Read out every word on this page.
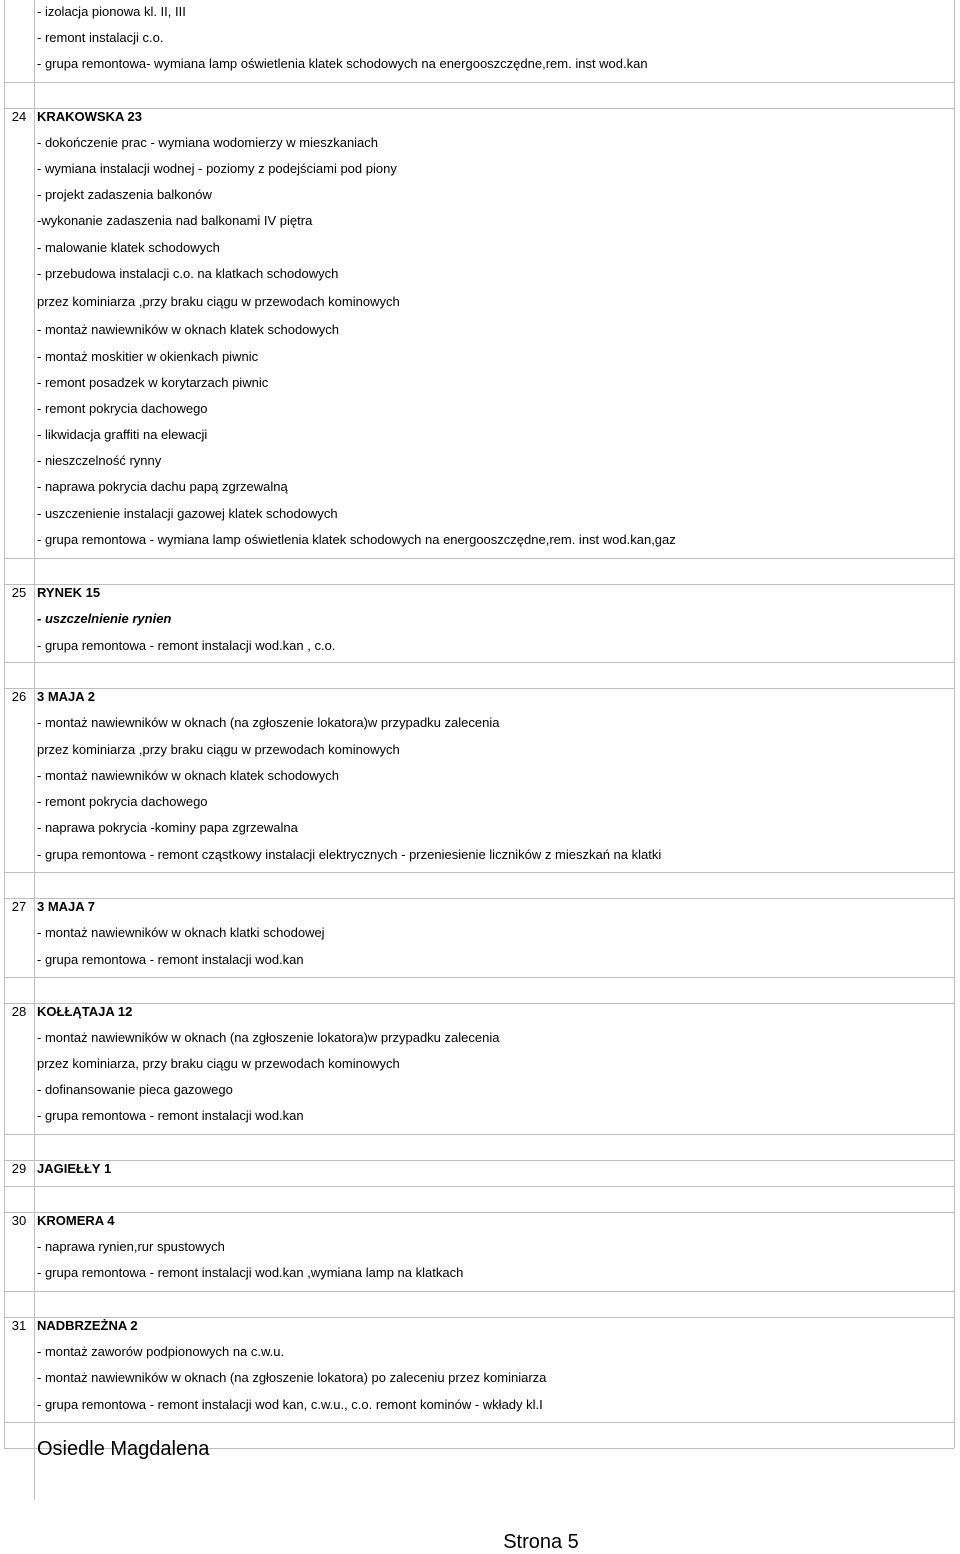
- izolacja pionowa kl. II, III
- remont instalacji c.o.
- grupa remontowa- wymiana lamp oświetlenia klatek schodowych na energooszczędne,rem. inst wod.kan
24 KRAKOWSKA 23
- dokończenie prac - wymiana wodomierzy w mieszkaniach
- wymiana instalacji wodnej - poziomy z podejściami pod piony
- projekt zadaszenia balkonów
-wykonanie zadaszenia nad balkonami IV piętra
- malowanie klatek schodowych
- przebudowa instalacji c.o. na klatkach schodowych
przez kominiarza ,przy braku ciągu w przewodach kominowych
- montaż nawiewników w oknach klatek schodowych
- montaż moskitier w okienkach piwnic
- remont posadzek w korytarzach piwnic
- remont pokrycia dachowego
- likwidacja graffiti na elewacji
- nieszczelność rynny
- naprawa pokrycia dachu papą zgrzewalną
- uszczenienie instalacji gazowej klatek schodowych
- grupa remontowa - wymiana lamp oświetlenia klatek schodowych na energooszczędne,rem. inst wod.kan,gaz
25 RYNEK 15
- uszczelnienie rynien
- grupa remontowa - remont instalacji wod.kan , c.o.
26 3 MAJA 2
- montaż nawiewników w oknach (na zgłoszenie lokatora)w przypadku zalecenia
przez kominiarza ,przy braku ciągu w przewodach kominowych
- montaż nawiewników w oknach klatek schodowych
- remont pokrycia dachowego
- naprawa pokrycia -kominy papa zgrzewalna
- grupa remontowa - remont cząstkowy instalacji elektrycznych - przeniesienie liczników z mieszkań na klatki
27 3 MAJA 7
- montaż nawiewników w oknach klatki schodowej
- grupa remontowa - remont instalacji wod.kan
28 KOŁŁĄTAJA 12
- montaż nawiewników w oknach (na zgłoszenie lokatora)w przypadku zalecenia
przez kominiarza, przy braku ciągu w przewodach kominowych
- dofinansowanie pieca gazowego
- grupa remontowa - remont instalacji wod.kan
29 JAGIEŁŁY 1
30 KROMERA 4
- naprawa rynien,rur spustowych
- grupa remontowa - remont instalacji wod.kan ,wymiana lamp na klatkach
31 NADBRZEŻNA 2
- montaż zaworów podpionowych na c.w.u.
- montaż nawiewników w oknach (na zgłoszenie lokatora) po zaleceniu przez kominiarza
- grupa remontowa - remont instalacji wod kan, c.w.u., c.o. remont kominów - wkłady kl.I
Osiedle Magdalena
Strona 5
